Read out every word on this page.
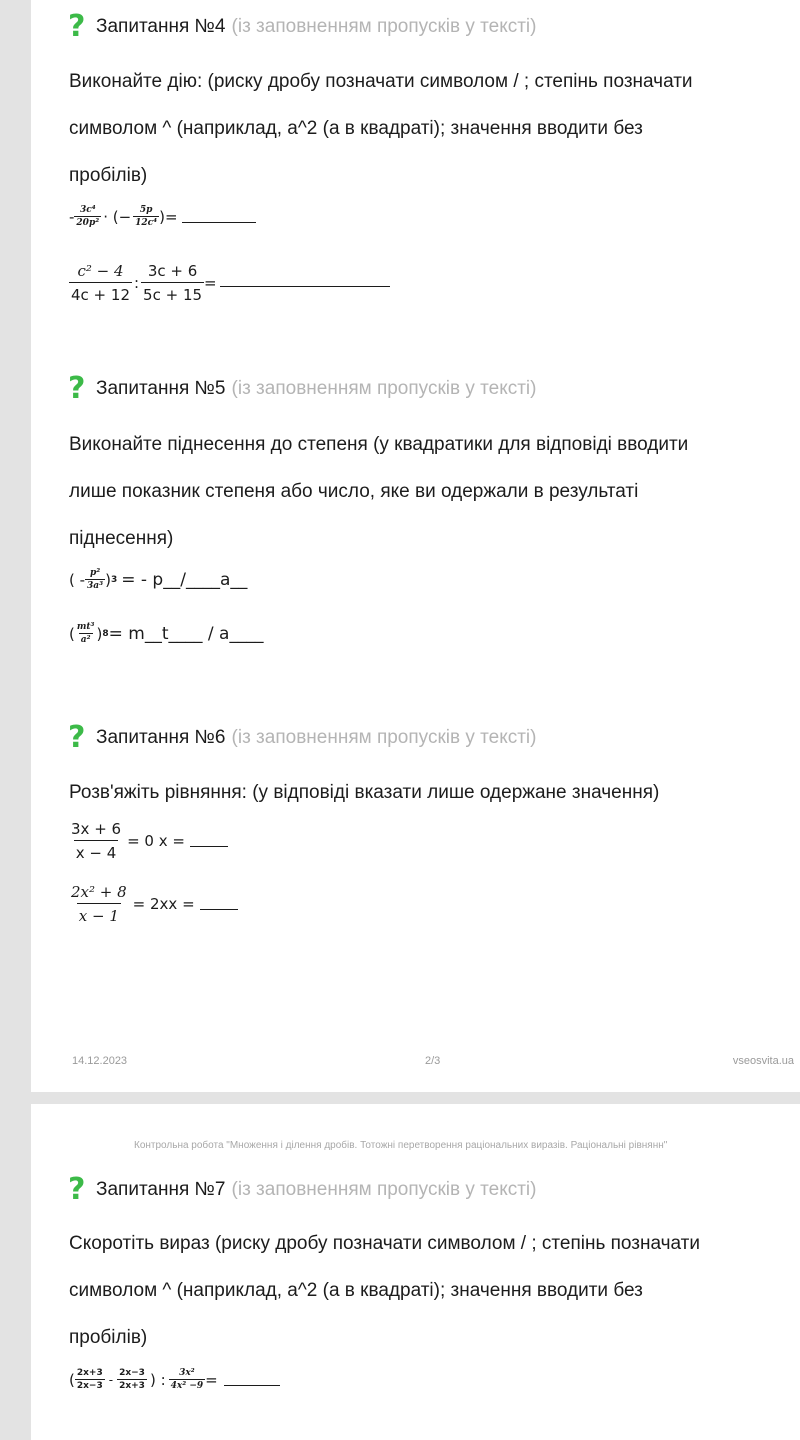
? Запитання №4 (із заповненням пропусків у тексті)
Виконайте дію: (риску дробу позначати символом / ; степінь позначати
символом ^ (наприклад, a^2 (a в квадраті); значення вводити без
пробілів)
- $\frac{\text{3c⁴}}{\text{20p²}}$ · (− $\frac{5p}{\text{12c⁴}}$ )=
$\frac{\text{c² − 4}}{4c + 12}$ : $\frac{3c + 6}{5c + 15}$ =
? Запитання №5 (із заповненням пропусків у тексті)
Виконайте піднесення до степеня (у квадратики для відповіді вводити
лише показник степеня або число, яке ви одержали в результаті
піднесення)
( - $\frac{\text{p²}}{\text{3a³}}$ ) 3 = - p __ / ____ a __
( $\frac{\text{mt³}}{\text{a²}}$ ) 8 = m __ t ____ / a ____
? Запитання №6 (із заповненням пропусків у тексті)
Розв'яжіть рівняння: (у відповіді вказати лише одержане значення)
$\frac{3x + 6}{x - 4} = 0$ x =
$\frac{\text{2x² + 8}}{x - 1} = 2xx$ =
14.12.2023	2/3	vseosvita.ua
Контрольна робота "Множення і ділення дробів. Тотожні перетворення раціональних виразів. Раціональні рівнянн"
? Запитання №7 (із заповненням пропусків у тексті)
Скоротіть вираз (риску дробу позначати символом / ; степінь позначати
символом ^ (наприклад, a^2 (a в квадраті); значення вводити без
пробілів)
( $\frac{2x+3}{2x-3} - \frac{2x-3}{2x+3}$ ) : $\frac{\text{3x²}}{\text{4x² −9}}$ =
